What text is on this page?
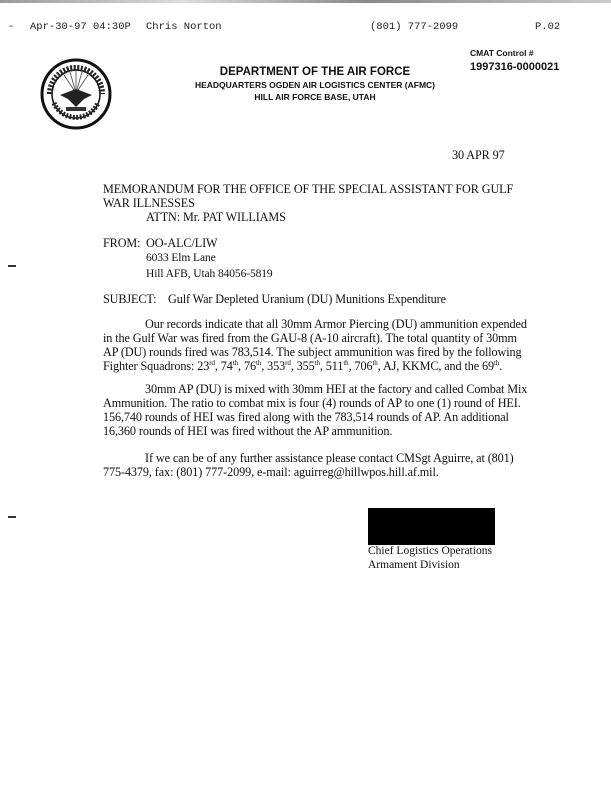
- Apr-30-97 04:30P Chris Norton	(801) 777-2099	P.02
DEPARTMENT OF THE AIR FORCE
HEADQUARTERS OGDEN AIR LOGISTICS CENTER (AFMC)
HILL AIR FORCE BASE, UTAH
CMAT Control #
1997316-0000021
30 APR 97
MEMORANDUM FOR THE OFFICE OF THE SPECIAL ASSISTANT FOR GULF
WAR ILLNESSES
ATTN: Mr. PAT WILLIAMS
FROM: OO-ALC/LIW
6033 Elm Lane
Hill AFB, Utah 84056-5819
SUBJECT: Gulf War Depleted Uranium (DU) Munitions Expenditure
Our records indicate that all 30mm Armor Piercing (DU) ammunition expended
in the Gulf War was fired from the GAU-8 (A-10 aircraft). The total quantity of 30mm
AP (DU) rounds fired was 783,514. The subject ammunition was fired by the following
Fighter Squadrons: 23rd, 74th, 76th, 353rd, 355th, 511th, 706th, AJ, KKMC, and the 69th.
30mm AP (DU) is mixed with 30mm HEI at the factory and called Combat Mix
Ammunition. The ratio to combat mix is four (4) rounds of AP to one (1) round of HEI.
156,740 rounds of HEI was fired along with the 783,514 rounds of AP. An additional
16,360 rounds of HEI was fired without the AP ammunition.
If we can be of any further assistance please contact CMSgt Aguirre, at (801)
775-4379, fax: (801) 777-2099, e-mail: aguirreg@hillwpos.hill.af.mil.
Chief Logistics Operations
Armament Division
